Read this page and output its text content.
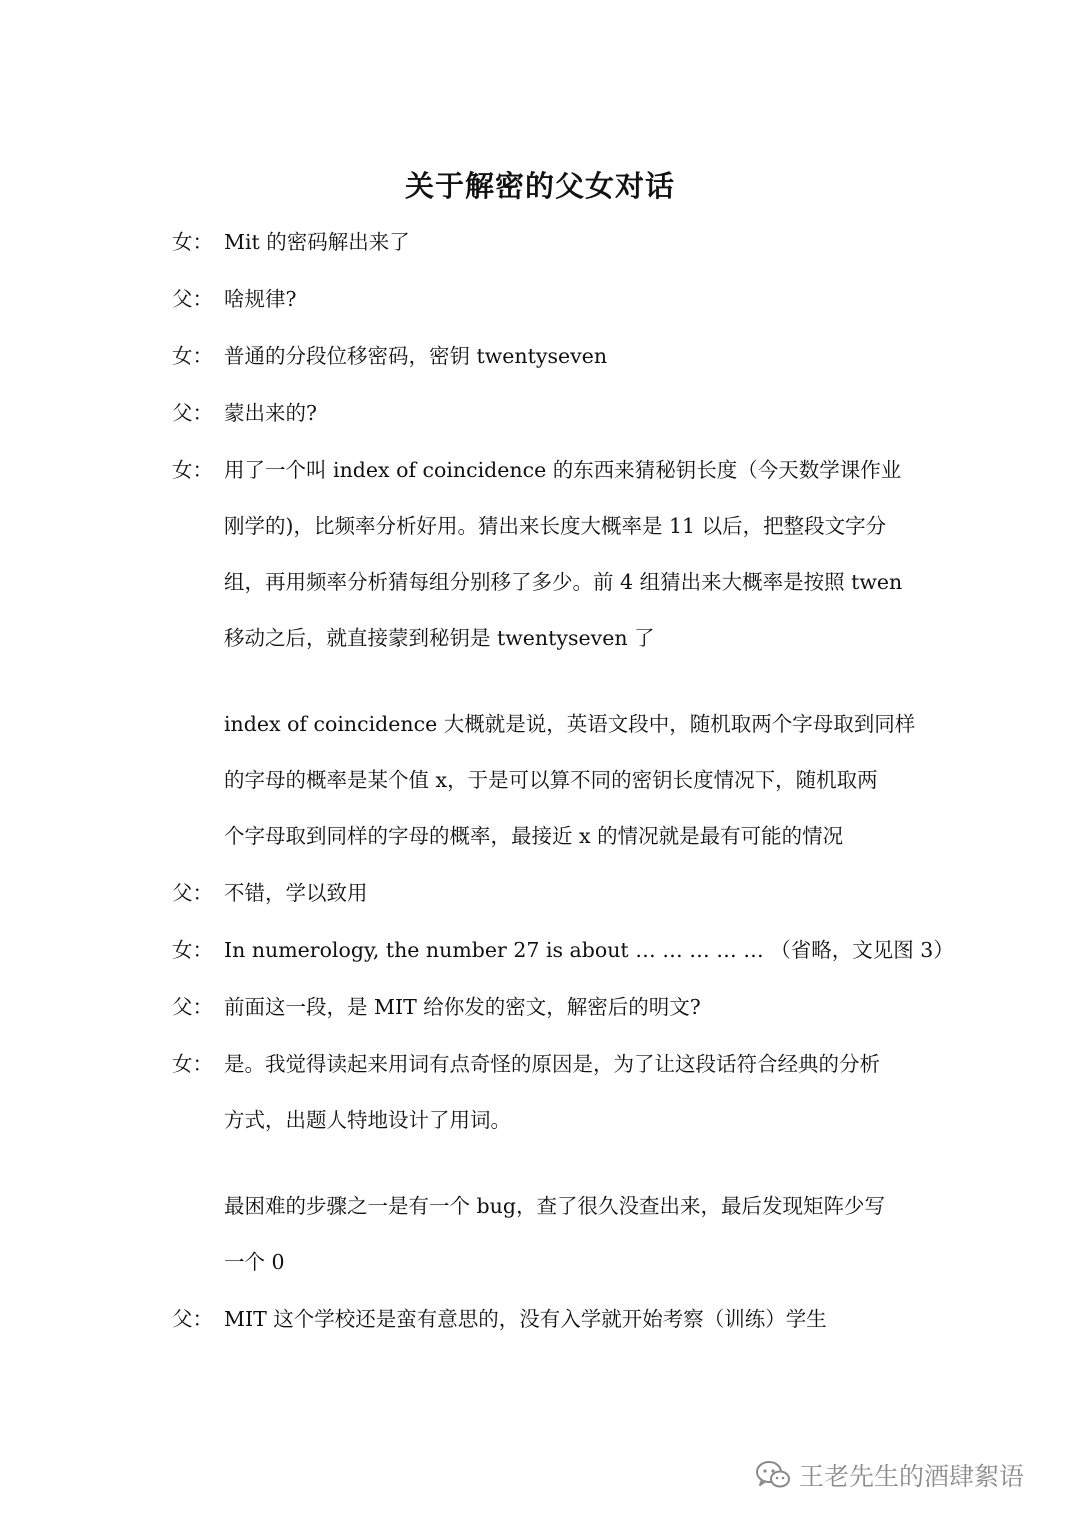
关于解密的父女对话
女： Mit 的密码解出来了
父： 啥规律?
女： 普通的分段位移密码，密钥 twentyseven
父： 蒙出来的?
女： 用了一个叫 index of coincidence 的东西来猜秘钥长度（今天数学课作业
刚学的)，比频率分析好用。猜出来长度大概率是 11 以后，把整段文字分
组，再用频率分析猜每组分别移了多少。前 4 组猜出来大概率是按照 twen
移动之后，就直接蒙到秘钥是 twentyseven 了
index of coincidence 大概就是说，英语文段中，随机取两个字母取到同样
的字母的概率是某个值 x，于是可以算不同的密钥长度情况下，随机取两
个字母取到同样的字母的概率，最接近 x 的情况就是最有可能的情况
父： 不错，学以致用
女： In numerology, the number 27 is about … … … … … （省略，文见图 3）
父： 前面这一段，是 MIT 给你发的密文，解密后的明文?
女： 是。我觉得读起来用词有点奇怪的原因是，为了让这段话符合经典的分析
方式，出题人特地设计了用词。
最困难的步骤之一是有一个 bug，查了很久没查出来，最后发现矩阵少写
一个 0
父： MIT 这个学校还是蛮有意思的，没有入学就开始考察（训练）学生
王老先生的酒肆絮语
